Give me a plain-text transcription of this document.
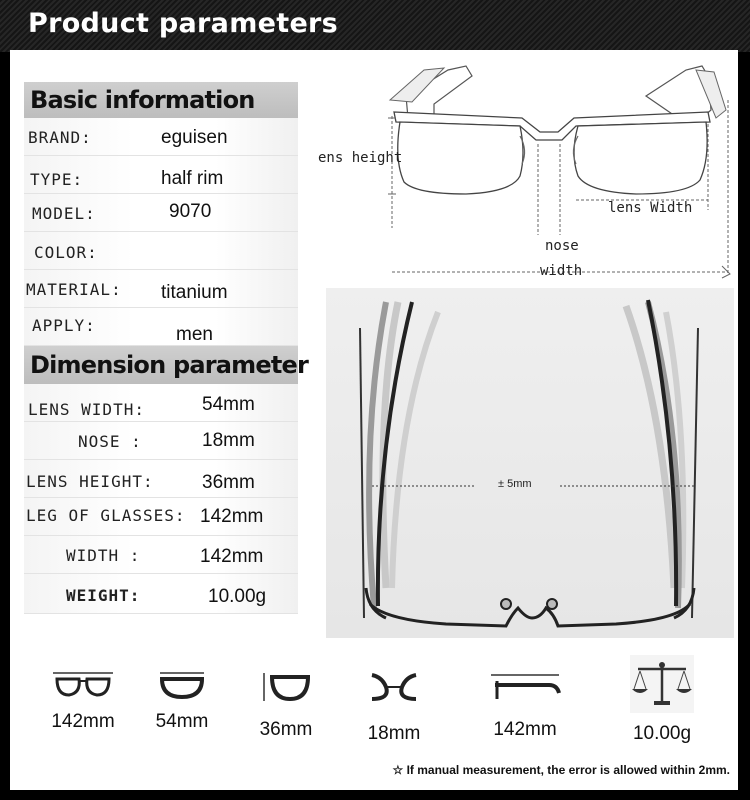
Product parameters
Basic information
BRAND:	eguisen
TYPE:	half rim
MODEL:	9070
COLOR:
MATERIAL: titanium
APPLY:	men
Dimension parameter
LENS WIDTH:	54mm
NOSE :	18mm
LENS HEIGHT:	36mm
LEG OF GLASSES: 142mm
WIDTH :	142mm
WEIGHT:	10.00g
ens height
lens Width
nose
width
± 5mm
142mm	54mm	36mm	18mm	142mm	10.00g
☆ If manual measurement, the error is allowed within 2mm.
